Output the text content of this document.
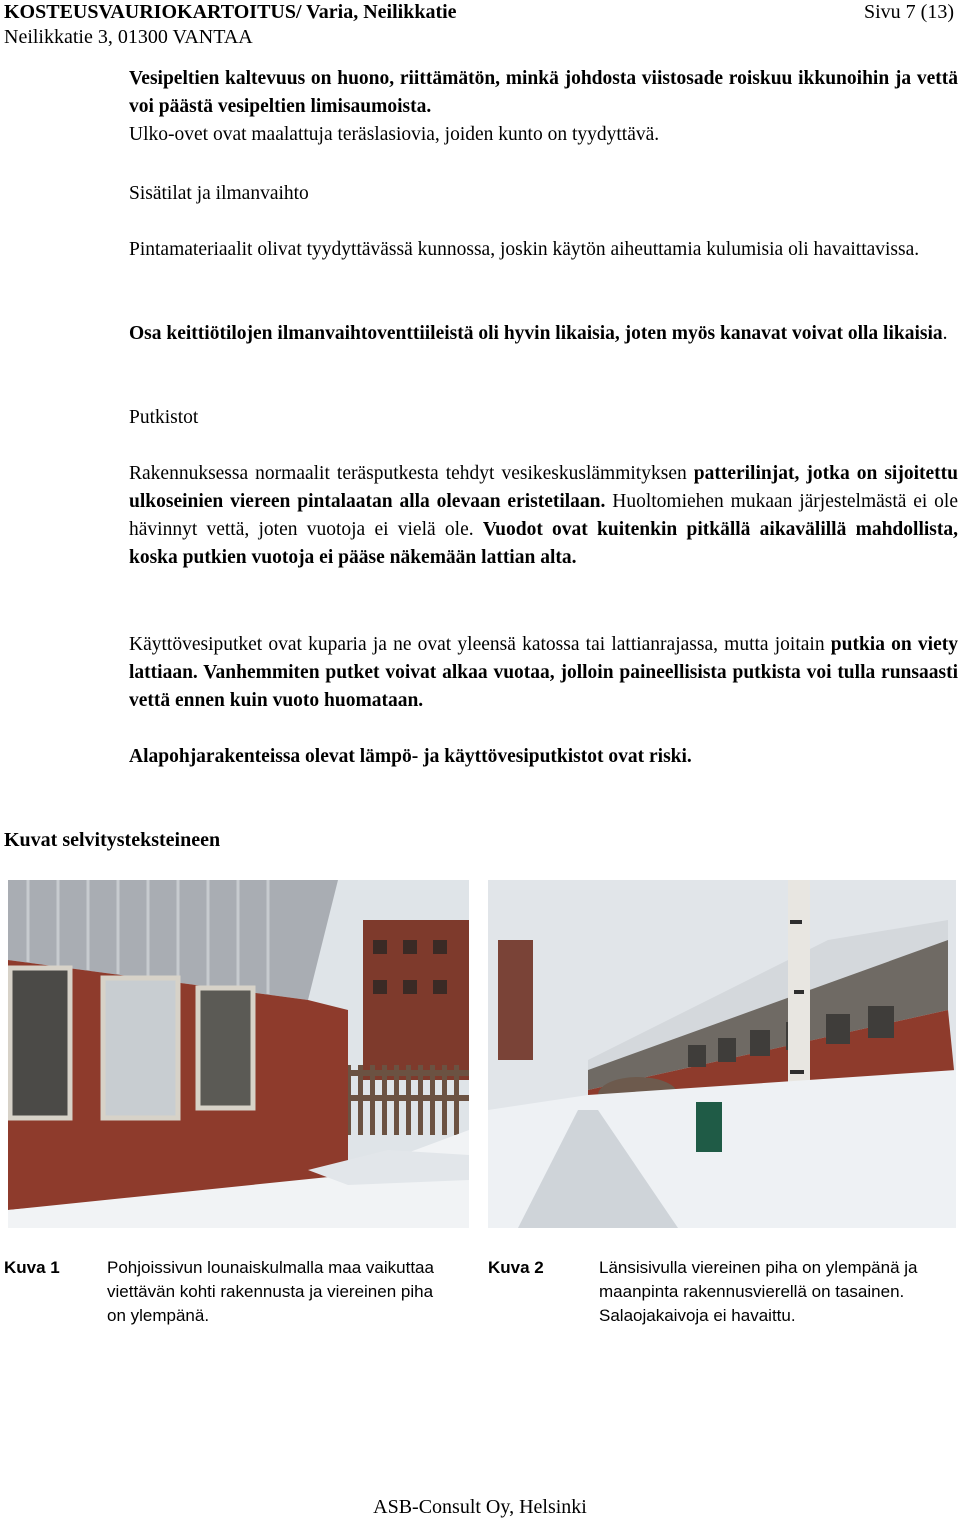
KOSTEUSVAURIOKARTOITUS/ Varia, Neilikkatie	Sivu 7 (13)
Neilikkatie 3, 01300 VANTAA

Vesipeltien kaltevuus on huono, riittämätön, minkä johdosta viistosade roiskuu ikkunoihin ja vettä voi päästä vesipeltien limisaumoista.
Ulko-ovet ovat maalattuja teräslasiovia, joiden kunto on tyydyttävä.

Sisätilat ja ilmanvaihto

Pintamateriaalit olivat tyydyttävässä kunnossa, joskin käytön aiheuttamia kulumisia oli havaittavissa.

Osa keittiötilojen ilmanvaihtoventtiileistä oli hyvin likaisia, joten myös kanavat voivat olla likaisia.

Putkistot

Rakennuksessa normaalit teräsputkesta tehdyt vesikeskuslämmityksen patterilinjat, jotka on sijoitettu ulkoseinien viereen pintalaatan alla olevaan eristetilaan. Huoltomiehen mukaan järjestelmästä ei ole hävinnyt vettä, joten vuotoja ei vielä ole. Vuodot ovat kuitenkin pitkällä aikavälillä mahdollista, koska putkien vuotoja ei pääse näkemään lattian alta.

Käyttövesiputket ovat kuparia ja ne ovat yleensä katossa tai lattianrajassa, mutta joitain putkia on viety lattiaan. Vanhemmiten putket voivat alkaa vuotaa, jolloin paineellisista putkista voi tulla runsaasti vettä ennen kuin vuoto huomataan.

Alapohjarakenteissa olevat lämpö- ja käyttövesiputkistot ovat riski.

Kuvat selvitysteksteineen
Kuva 1	Pohjoissivun lounaiskulmalla maa vaikuttaa viettävän kohti rakennusta ja viereinen piha on ylempänä.
Kuva 2	Länsisivulla viereinen piha on ylempänä ja maanpinta rakennusvierellä on tasainen. Salaojakaivoja ei havaittu.
ASB-Consult Oy, Helsinki
